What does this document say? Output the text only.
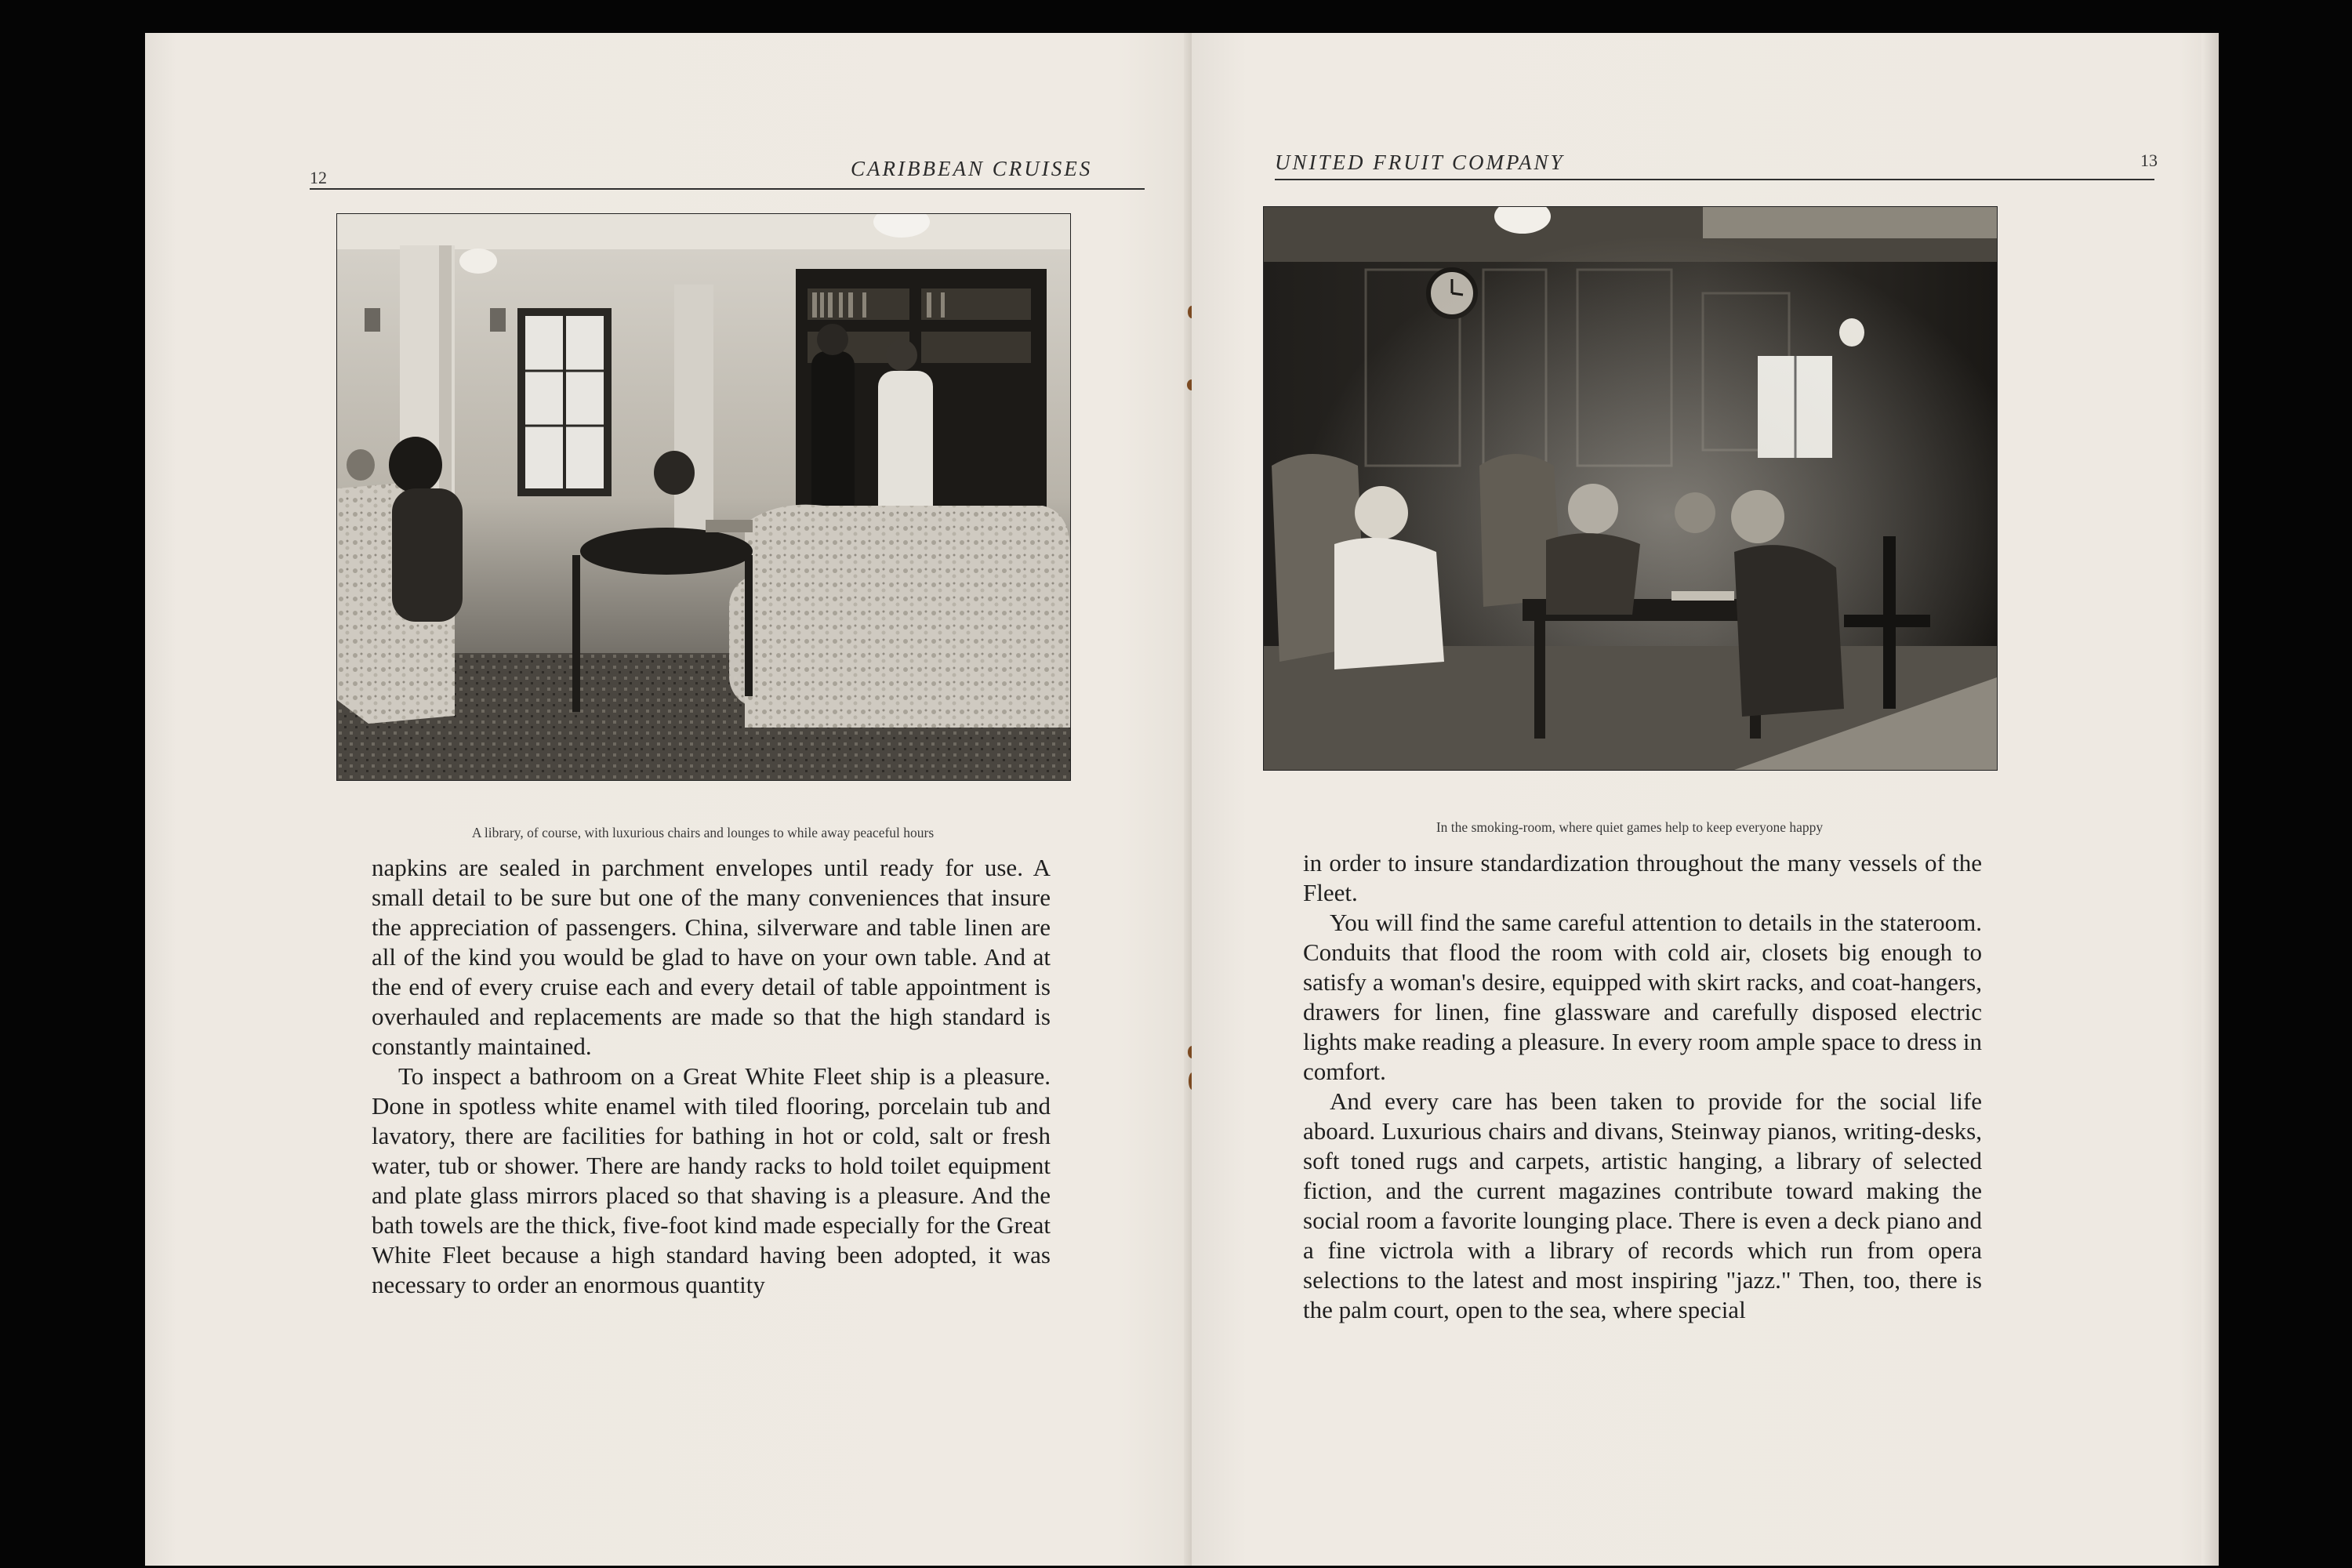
12	CARIBBEAN CRUISES
A library, of course, with luxurious chairs and lounges to while away peaceful hours

napkins are sealed in parchment envelopes until ready for use. A small detail to be sure but one of the many conveniences that insure the appreciation of passengers. China, silverware and table linen are all of the kind you would be glad to have on your own table. And at the end of every cruise each and every detail of table appointment is overhauled and replacements are made so that the high standard is constantly maintained.

To inspect a bathroom on a Great White Fleet ship is a pleasure. Done in spotless white enamel with tiled flooring, porcelain tub and lavatory, there are facilities for bathing in hot or cold, salt or fresh water, tub or shower. There are handy racks to hold toilet equipment and plate glass mirrors placed so that shaving is a pleasure. And the bath towels are the thick, five-foot kind made especially for the Great White Fleet because a high standard having been adopted, it was necessary to order an enormous quantity

UNITED FRUIT COMPANY	13
In the smoking-room, where quiet games help to keep everyone happy

in order to insure standardization throughout the many vessels of the Fleet.

You will find the same careful attention to details in the stateroom. Conduits that flood the room with cold air, closets big enough to satisfy a woman's desire, equipped with skirt racks, and coat-hangers, drawers for linen, fine glassware and carefully disposed electric lights make reading a pleasure. In every room ample space to dress in comfort.

And every care has been taken to provide for the social life aboard. Luxurious chairs and divans, Steinway pianos, writing-desks, soft toned rugs and carpets, artistic hanging, a library of selected fiction, and the current magazines contribute toward making the social room a favorite lounging place. There is even a deck piano and a fine victrola with a library of records which run from opera selections to the latest and most inspiring "jazz." Then, too, there is the palm court, open to the sea, where special
